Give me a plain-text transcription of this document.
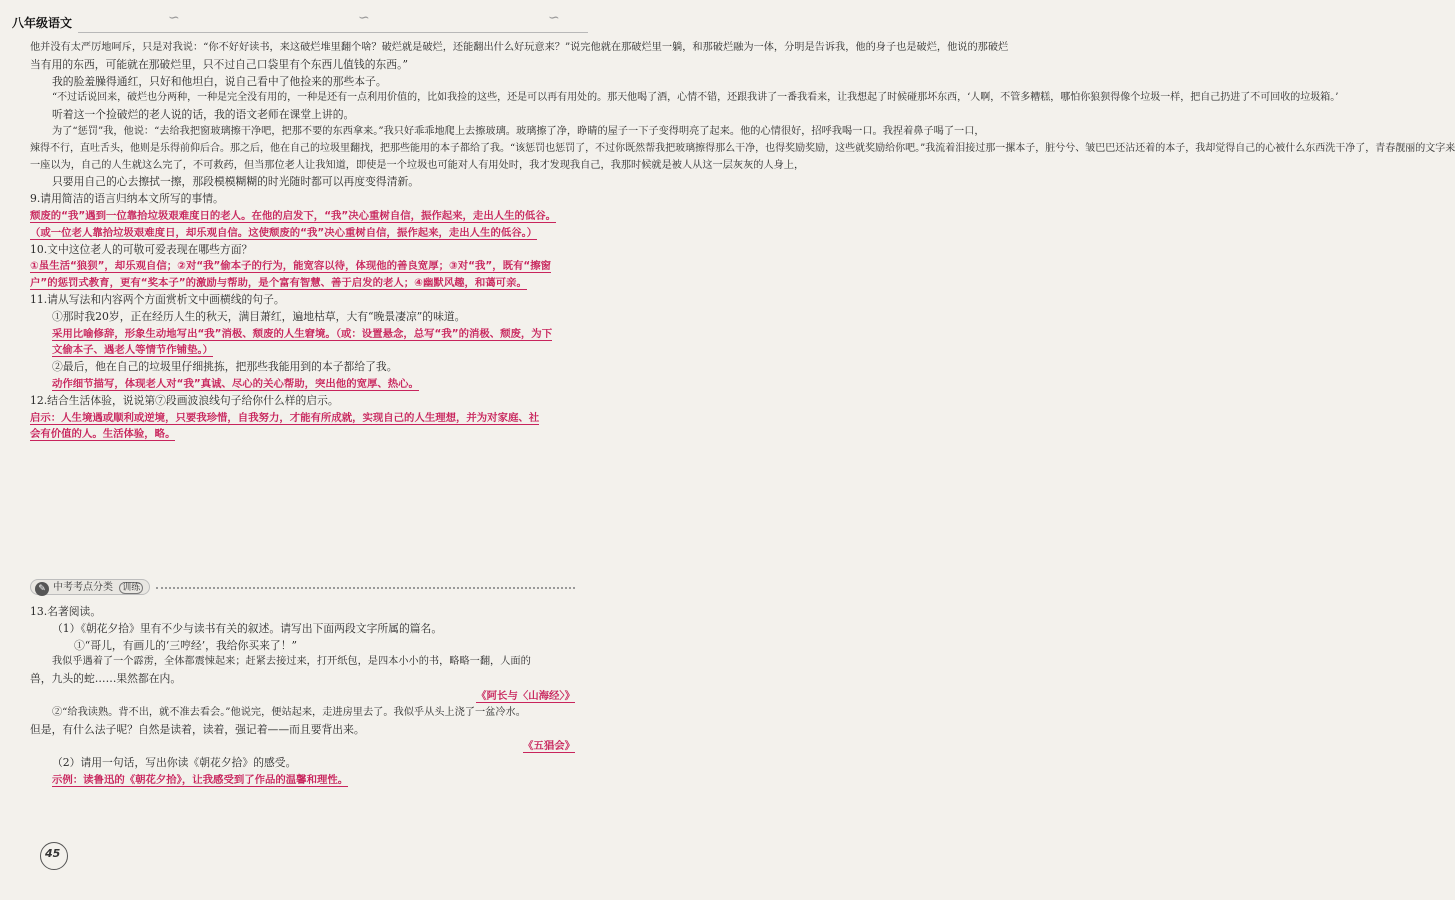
八年级语文	∽	∽	∽
他并没有太严厉地呵斥，只是对我说：“你不好好读书，来这破烂堆里翻个啥？破烂就是破烂，还能翻出什么好玩意来？”说完他就在那破烂里一躺，和那破烂融为一体，分明是告诉我，他的身子也是破烂，他说的那破烂
当有用的东西，可能就在那破烂里，只不过自己口袋里有个东西儿值钱的东西。”
我的脸羞臊得通红，只好和他坦白，说自己看中了他捡来的那些本子。
“不过话说回来，破烂也分两种，一种是完全没有用的，一种是还有一点利用价值的，比如我捡的这些，还是可以再有用处的。那天他喝了酒，心情不错，还跟我讲了一番我看来，让我想起了时候碰那坏东西，‘人啊，不管多糟糕，哪怕你狼狈得像个垃圾一样，把自己扔进了不可回收的垃圾箱。’
听着这一个捡破烂的老人说的话，我的语文老师在课堂上讲的。
为了“惩罚”我，他说：“去给我把窗玻璃擦干净吧，把那不要的东西拿来。”我只好乖乖地爬上去擦玻璃。玻璃擦了净，睁睛的屋子一下子变得明亮了起来。他的心情很好，招呼我喝一口。我捏着鼻子喝了一口，
辣得不行，直吐舌头，他则是乐得前仰后合。那之后，他在自己的垃圾里翻找，把那些能用的本子都给了我。“该惩罚也惩罚了，不过你既然帮我把玻璃擦得那么干净，也得奖励奖励，这些就奖励给你吧。”我流着泪接过那一摞本子，脏兮兮、皱巴巴还沾还着的本子，我却觉得自己的心被什么东西洗干净了，青春靓丽的文字来
一座以为，自己的人生就这么完了，不可救药，但当那位老人让我知道，即使是一个垃圾也可能对人有用处时，我才发现我自己，我那时候就是被人从这一层灰灰的人身上，
只要用自己的心去擦拭一擦，那段模模糊糊的时光随时都可以再度变得清新。
9.请用简洁的语言归纳本文所写的事情。
颓废的“我”遇到一位靠拾垃圾艰难度日的老人。在他的启发下，“我”决心重树自信，振作起来，走出人生的低谷。
（或一位老人靠拾垃圾艰难度日，却乐观自信。这使颓废的“我”决心重树自信，振作起来，走出人生的低谷。）
10.文中这位老人的可敬可爱表现在哪些方面？
①虽生活“狼狈”，却乐观自信；②对“我”偷本子的行为，能宽容以待，体现他的善良宽厚；③对“我”，既有“擦窗
户”的惩罚式教育，更有“奖本子”的激励与帮助，是个富有智慧、善于启发的老人；④幽默风趣，和蔼可亲。
11.请从写法和内容两个方面赏析文中画横线的句子。
①那时我20岁，正在经历人生的秋天，满目萧红，遍地枯草，大有“晚景凄凉”的味道。
采用比喻修辞，形象生动地写出“我”消极、颓废的人生窘境。（或：设置悬念，总写“我”的消极、颓废，为下
文偷本子、遇老人等情节作铺垫。）
②最后，他在自己的垃圾里仔细挑拣，把那些我能用到的本子都给了我。
动作细节描写，体现老人对“我”真诚、尽心的关心帮助，突出他的宽厚、热心。
12.结合生活体验，说说第⑦段画波浪线句子给你什么样的启示。
启示：人生境遇或顺利或逆境，只要我珍惜，自我努力，才能有所成就，实现自己的人生理想，并为对家庭、社
会有价值的人。生活体验，略。
✎ 中考考点分类 训练
13.名著阅读。
（1）《朝花夕拾》里有不少与读书有关的叙述。请写出下面两段文字所属的篇名。
①“哥儿，有画儿的‘三哼经’，我给你买来了！”
我似乎遇着了一个霹雳，全体都震悚起来；赶紧去接过来，打开纸包，是四本小小的书，略略一翻，人面的
兽，九头的蛇……果然都在内。
《阿长与〈山海经〉》
②“给我读熟。背不出，就不准去看会。”他说完，便站起来，走进房里去了。我似乎从头上浇了一盆冷水。
但是，有什么法子呢？自然是读着，读着，强记着——而且要背出来。
《五猖会》
（2）请用一句话，写出你读《朝花夕拾》的感受。
示例：读鲁迅的《朝花夕拾》，让我感受到了作品的温馨和理性。
45
